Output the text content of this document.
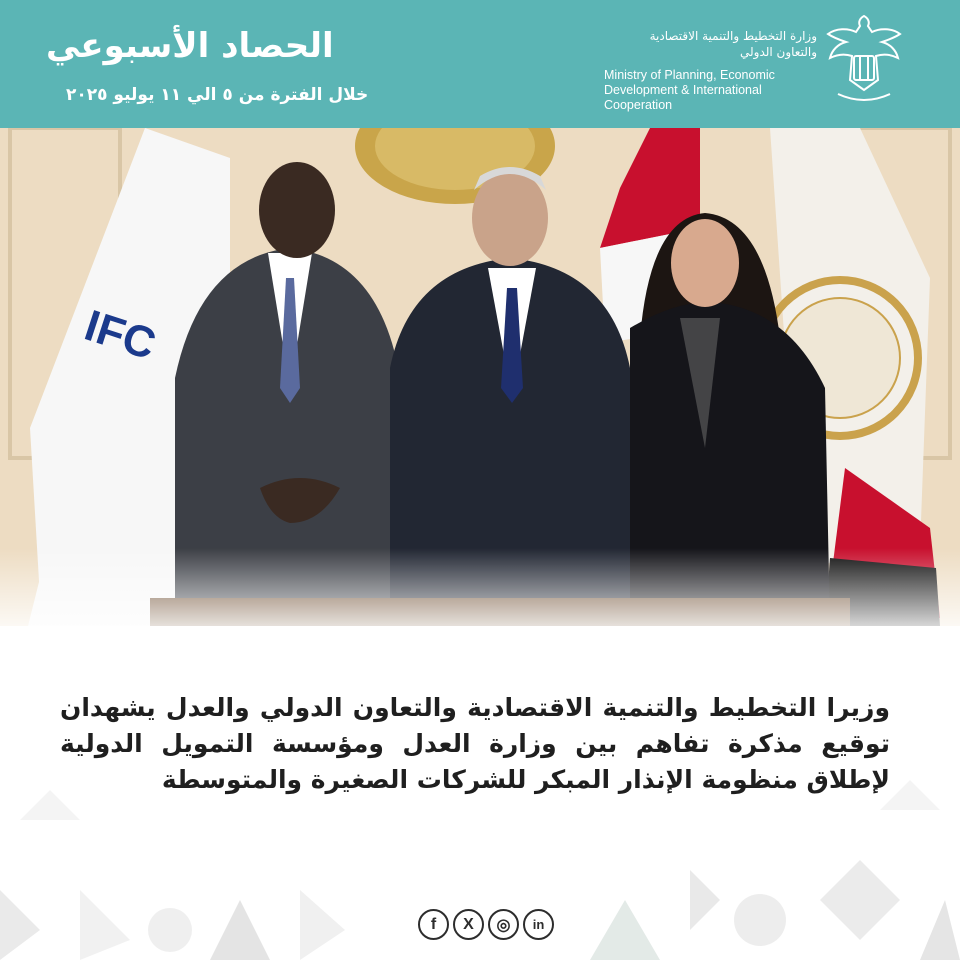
الحصاد الأسبوعي
خلال الفترة من ٥ الي ١١ يوليو ٢٠٢٥
وزارة التخطيط والتنمية الاقتصادية
والتعاون الدولي
Ministry of Planning, Economic
Development & International
Cooperation
IFC
وزيرا التخطيط والتنمية الاقتصادية والتعاون الدولي والعدل يشهدان توقيع مذكرة تفاهم بين وزارة العدل ومؤسسة التمويل الدولية لإطلاق منظومة الإنذار المبكر للشركات الصغيرة والمتوسطة
f	X	◎	in
